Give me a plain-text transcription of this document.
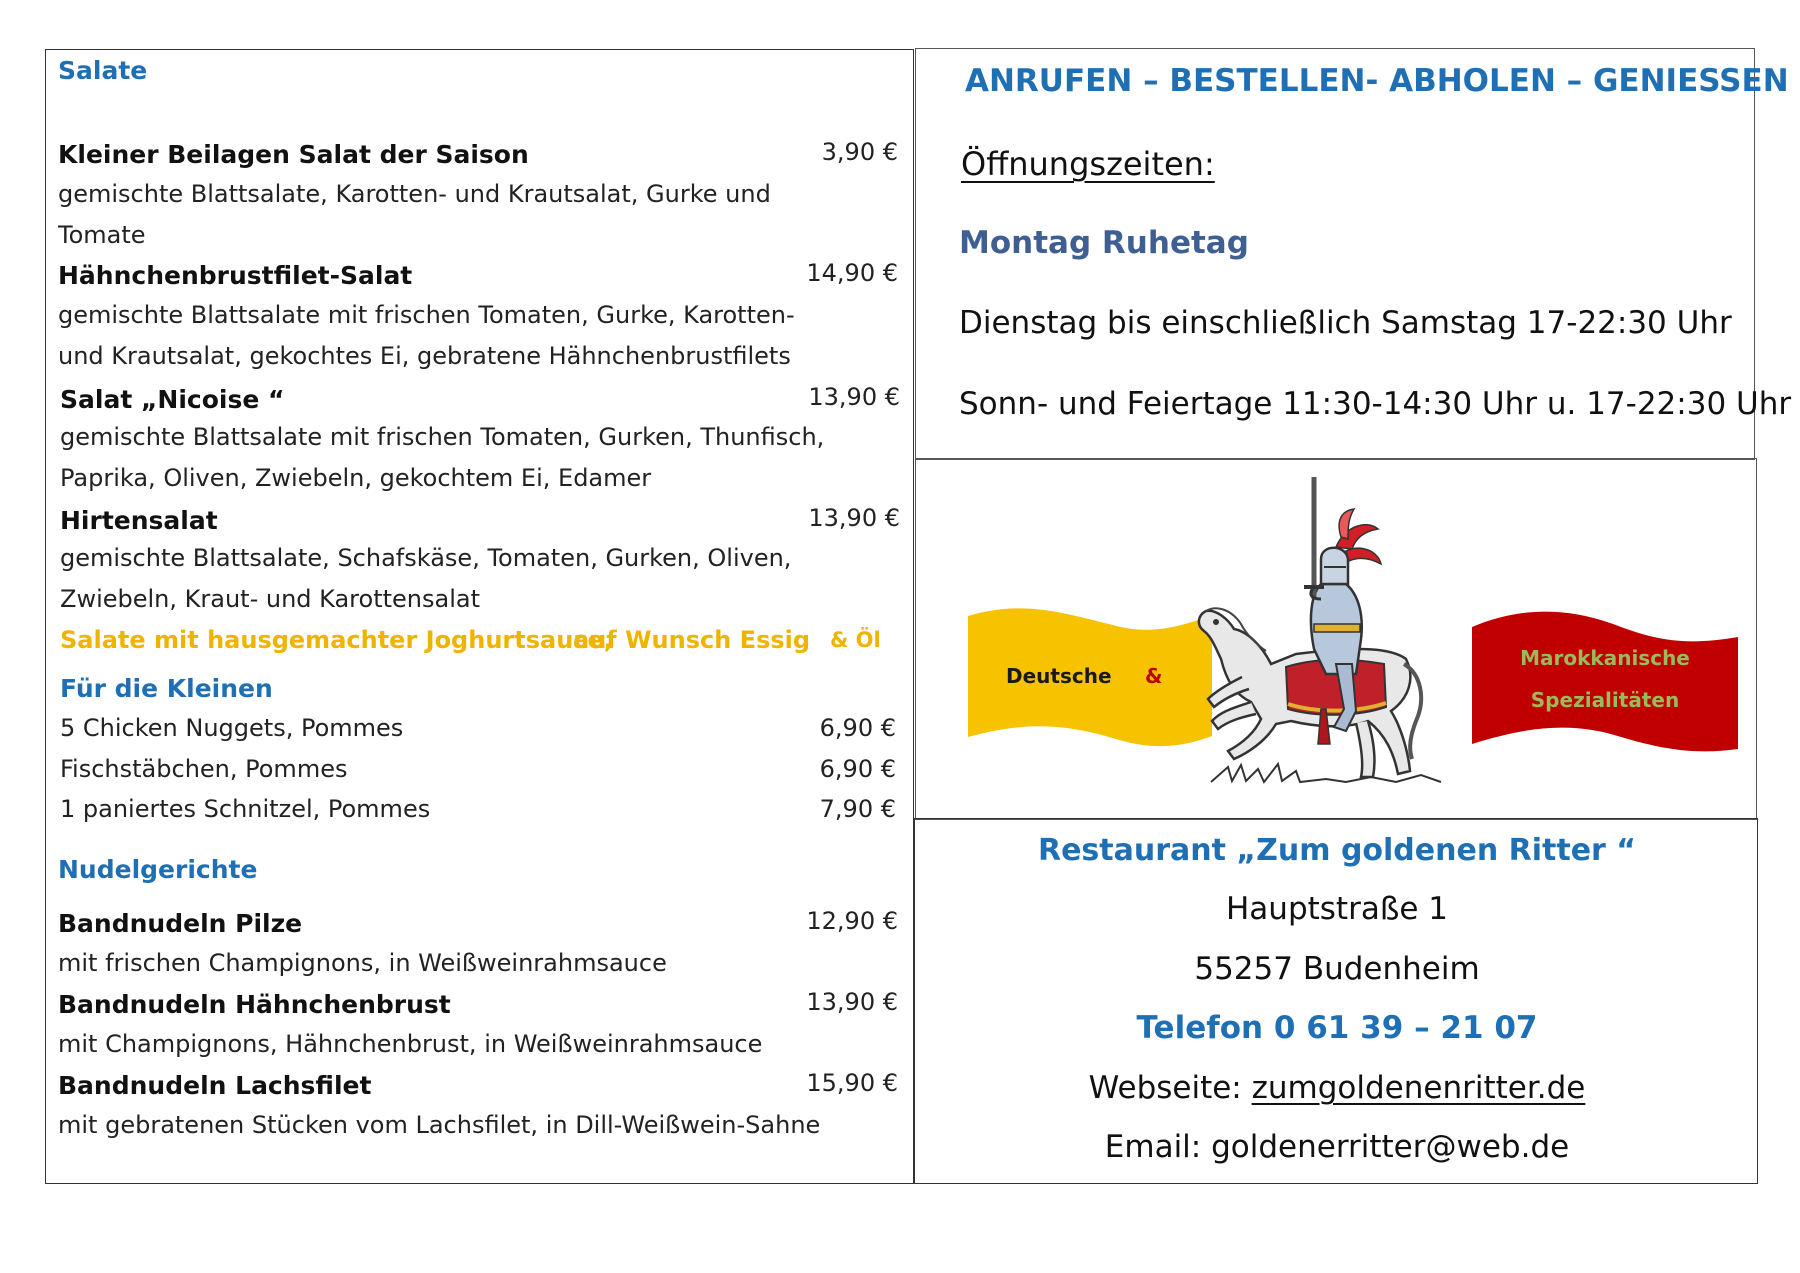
Salate
Kleiner Beilagen Salat der Saison	3,90 €
gemischte Blattsalate, Karotten- und Krautsalat, Gurke und
Tomate
Hähnchenbrustfilet-Salat	14,90 €
gemischte Blattsalate mit frischen Tomaten, Gurke, Karotten-
und Krautsalat, gekochtes Ei, gebratene Hähnchenbrustfilets
Salat „Nicoise “	13,90 €
gemischte Blattsalate mit frischen Tomaten, Gurken, Thunfisch,
Paprika, Oliven, Zwiebeln, gekochtem Ei, Edamer
Hirtensalat	13,90 €
gemischte Blattsalate, Schafskäse, Tomaten, Gurken, Oliven,
Zwiebeln, Kraut- und Karottensalat
Salate mit hausgemachter Joghurtsauce,
auf Wunsch Essig & Öl
Für die Kleinen
5 Chicken Nuggets, Pommes	6,90 €
Fischstäbchen, Pommes	6,90 €
1 paniertes Schnitzel, Pommes	7,90 €
Nudelgerichte
Bandnudeln Pilze	12,90 €
mit frischen Champignons, in Weißweinrahmsauce
Bandnudeln Hähnchenbrust	13,90 €
mit Champignons, Hähnchenbrust, in Weißweinrahmsauce
Bandnudeln Lachsfilet	15,90 €
mit gebratenen Stücken vom Lachsfilet, in Dill-Weißwein-Sahne
ANRUFEN – BESTELLEN- ABHOLEN – GENIESSEN
Öffnungszeiten:
Montag Ruhetag
Dienstag bis einschließlich Samstag 17-22:30 Uhr
Sonn- und Feiertage 11:30-14:30 Uhr u. 17-22:30 Uhr
Deutsche &
Marokkanische
Spezialitäten
Restaurant „Zum goldenen Ritter “
Hauptstraße 1
55257 Budenheim
Telefon 0 61 39 – 21 07
Webseite: zumgoldenenritter.de
Email: goldenerritter@web.de
